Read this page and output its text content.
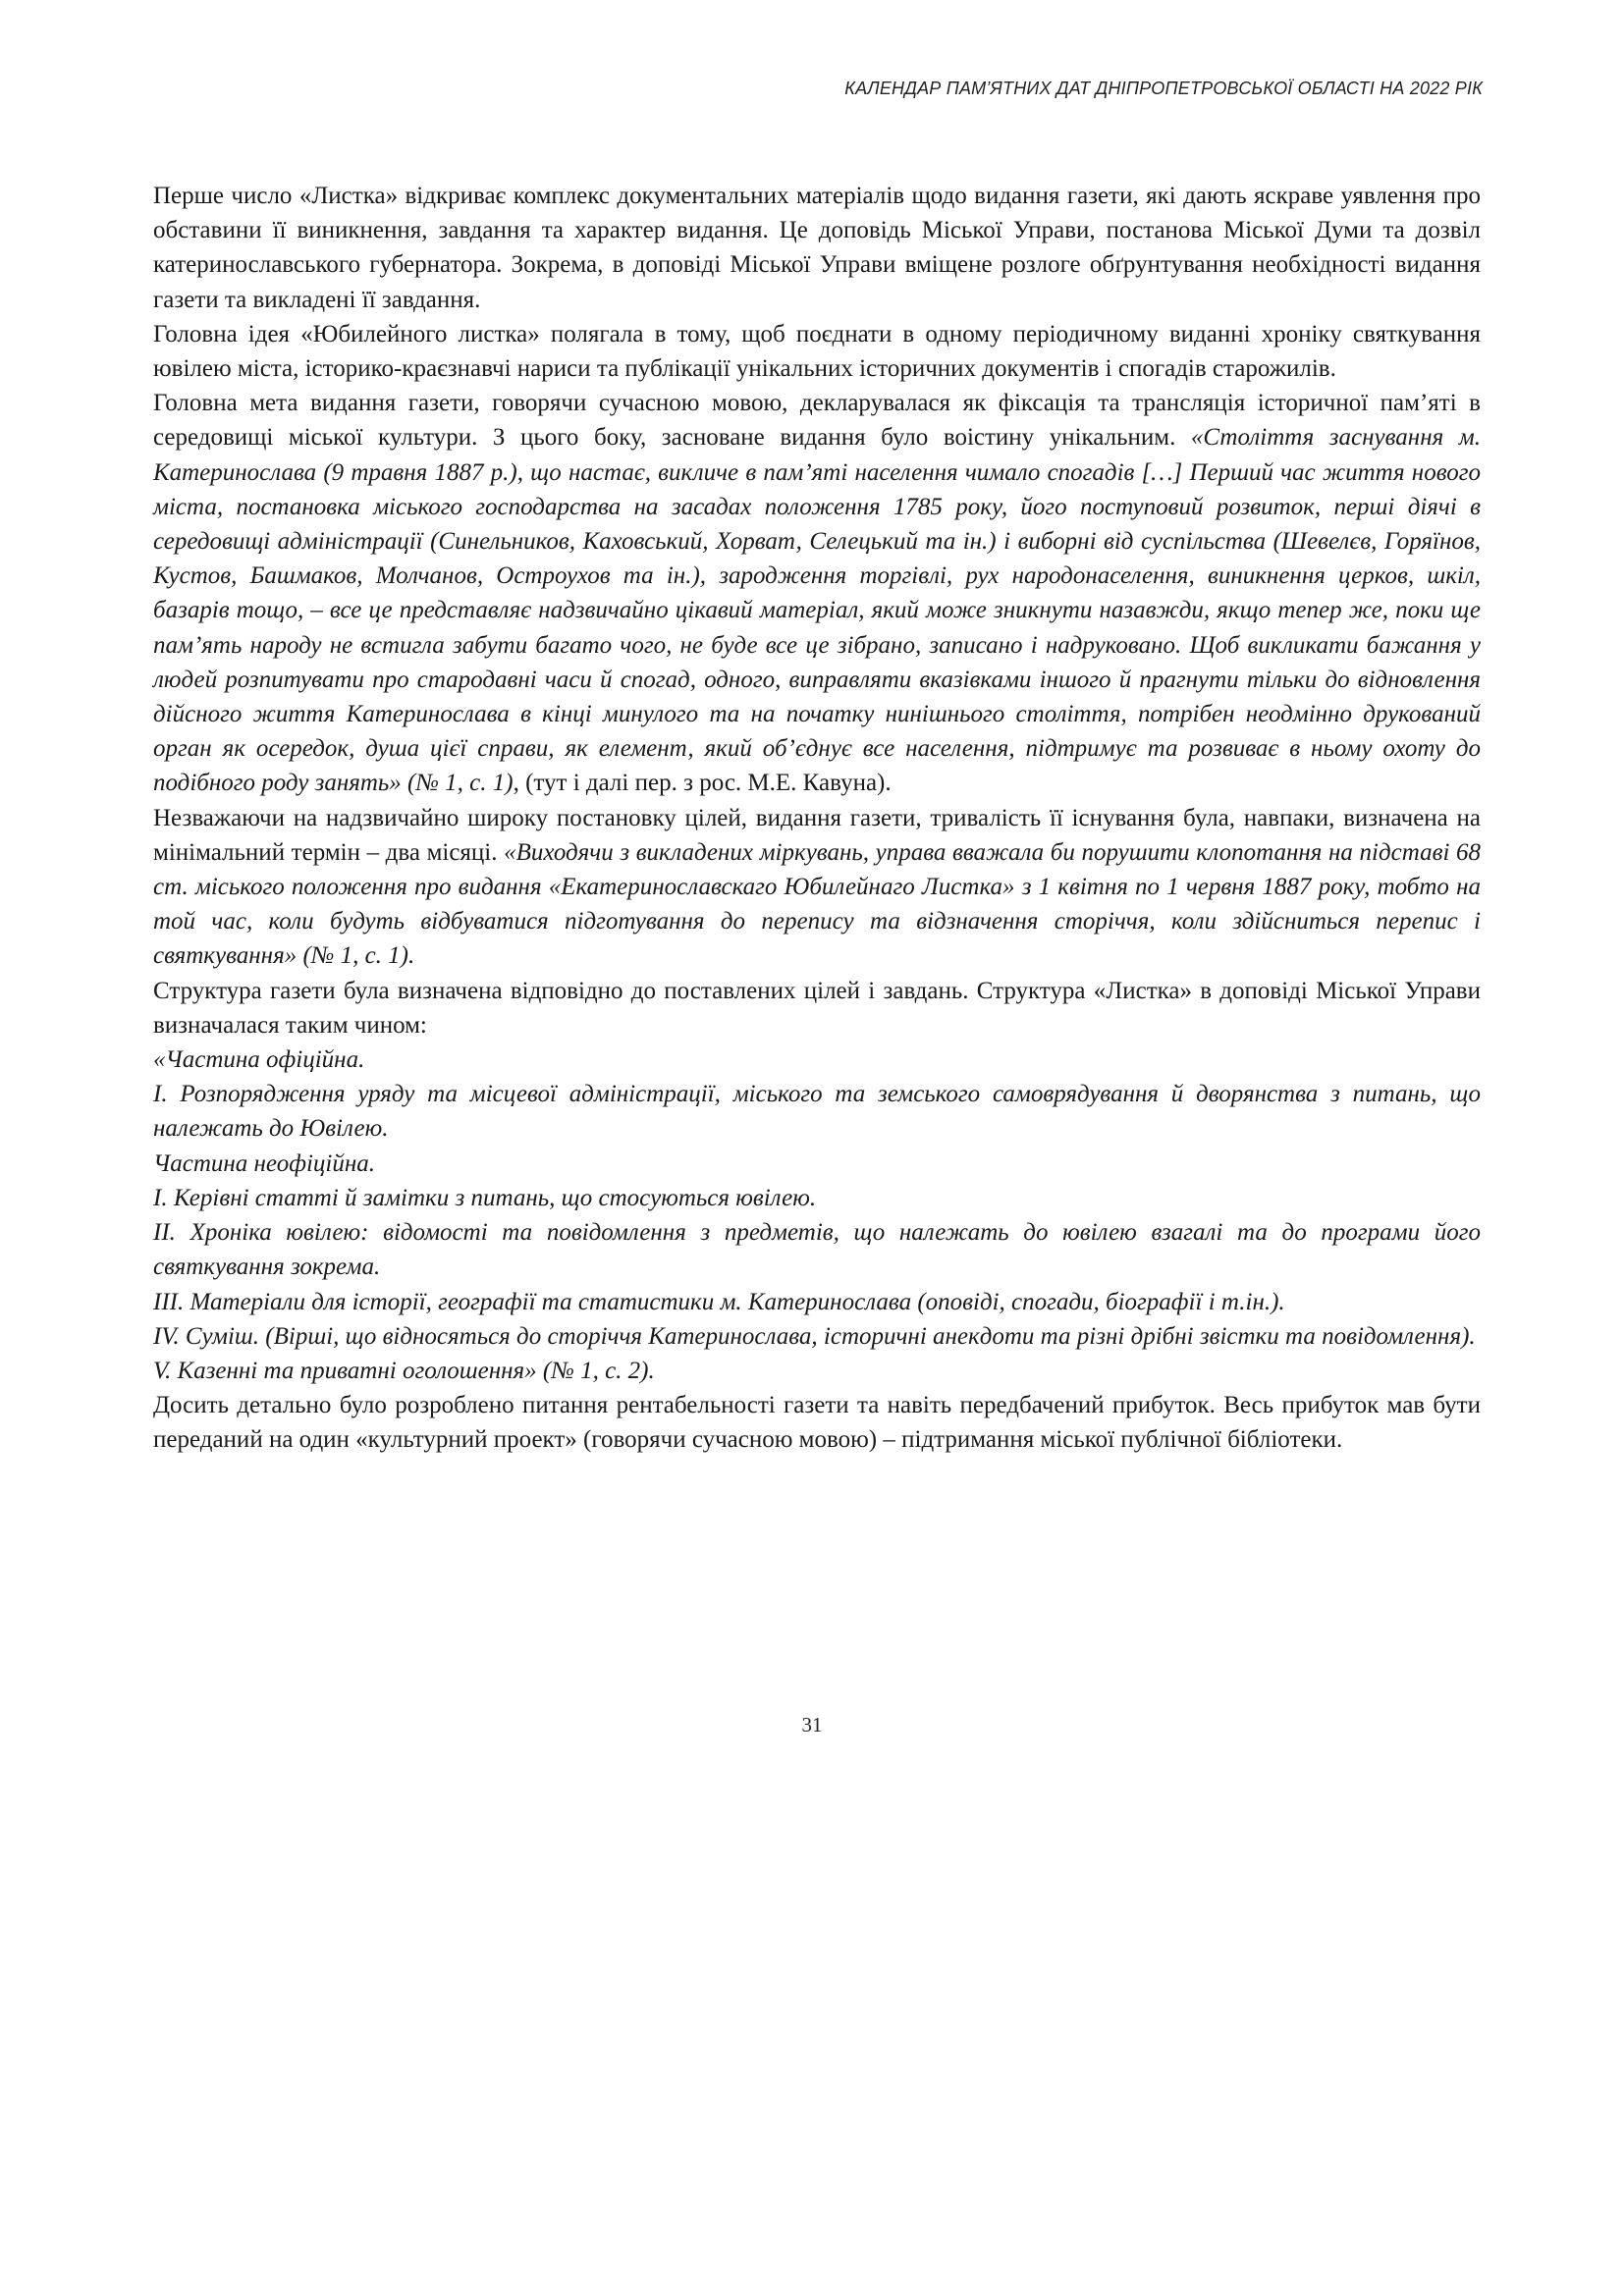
КАЛЕНДАР ПАМ’ЯТНИХ ДАТ ДНІПРОПЕТРОВСЬКОЇ ОБЛАСТІ НА 2022 РІК

Перше число «Листка» відкриває комплекс документальних матеріалів щодо видання газети, які дають яскраве уявлення про обставини її виникнення, завдання та характер видання. Це доповідь Міської Управи, постанова Міської Думи та дозвіл катеринославського губернатора. Зокрема, в доповіді Міської Управи вміщене розлоге обґрунтування необхідності видання газети та викладені її завдання.

Головна ідея «Юбилейного листка» полягала в тому, щоб поєднати в одному періодичному виданні хроніку святкування ювілею міста, історико-краєзнавчі нариси та публікації унікальних історичних документів і спогадів старожилів.

Головна мета видання газети, говорячи сучасною мовою, декларувалася як фіксація та трансляція історичної пам’яті в середовищі міської культури. З цього боку, засноване видання було воістину унікальним. «Століття заснування м. Катеринослава (9 травня 1887 р.), що настає, викличе в пам’яті населення чимало спогадів […] Перший час життя нового міста, постановка міського господарства на засадах положення 1785 року, його поступовий розвиток, перші діячі в середовищі адміністрації (Синельников, Каховський, Хорват, Селецький та ін.) і виборні від суспільства (Шевелєв, Горяїнов, Кустов, Башмаков, Молчанов, Остроухов та ін.), зародження торгівлі, рух народонаселення, виникнення церков, шкіл, базарів тощо, – все це представляє надзвичайно цікавий матеріал, який може зникнути назавжди, якщо тепер же, поки ще пам’ять народу не встигла забути багато чого, не буде все це зібрано, записано і надруковано. Щоб викликати бажання у людей розпитувати про стародавні часи й спогад, одного, виправляти вказівками іншого й прагнути тільки до відновлення дійсного життя Катеринослава в кінці минулого та на початку нинішнього століття, потрібен неодмінно друкований орган як осередок, душа цієї справи, як елемент, який об’єднує все населення, підтримує та розвиває в ньому охоту до подібного роду занять» (№ 1, с. 1), (тут і далі пер. з рос. М.Е. Кавуна).

Незважаючи на надзвичайно широку постановку цілей, видання газети, тривалість її існування була, навпаки, визначена на мінімальний термін – два місяці. «Виходячи з викладених міркувань, управа вважала би порушити клопотання на підставі 68 ст. міського положення про видання «Екатеринославскаго Юбилейнаго Листка» з 1 квітня по 1 червня 1887 року, тобто на той час, коли будуть відбуватися підготування до перепису та відзначення сторіччя, коли здійсниться перепис і святкування» (№ 1, с. 1).

Структура газети була визначена відповідно до поставлених цілей і завдань. Структура «Листка» в доповіді Міської Управи визначалася таким чином:

«Частина офіційна.

I. Розпорядження уряду та місцевої адміністрації, міського та земського самоврядування й дворянства з питань, що належать до Ювілею.

Частина неофіційна.

I. Керівні статті й замітки з питань, що стосуються ювілею.

II. Хроніка ювілею: відомості та повідомлення з предметів, що належать до ювілею взагалі та до програми його святкування зокрема.

III. Матеріали для історії, географії та статистики м. Катеринослава (оповіді, спогади, біографії і т.ін.).

IV. Суміш. (Вірші, що відносяться до сторіччя Катеринослава, історичні анекдоти та різні дрібні звістки та повідомлення).

V. Казенні та приватні оголошення» (№ 1, с. 2).

Досить детально було розроблено питання рентабельності газети та навіть передбачений прибуток. Весь прибуток мав бути переданий на один «культурний проект» (говорячи сучасною мовою) – підтримання міської публічної бібліотеки.

31
